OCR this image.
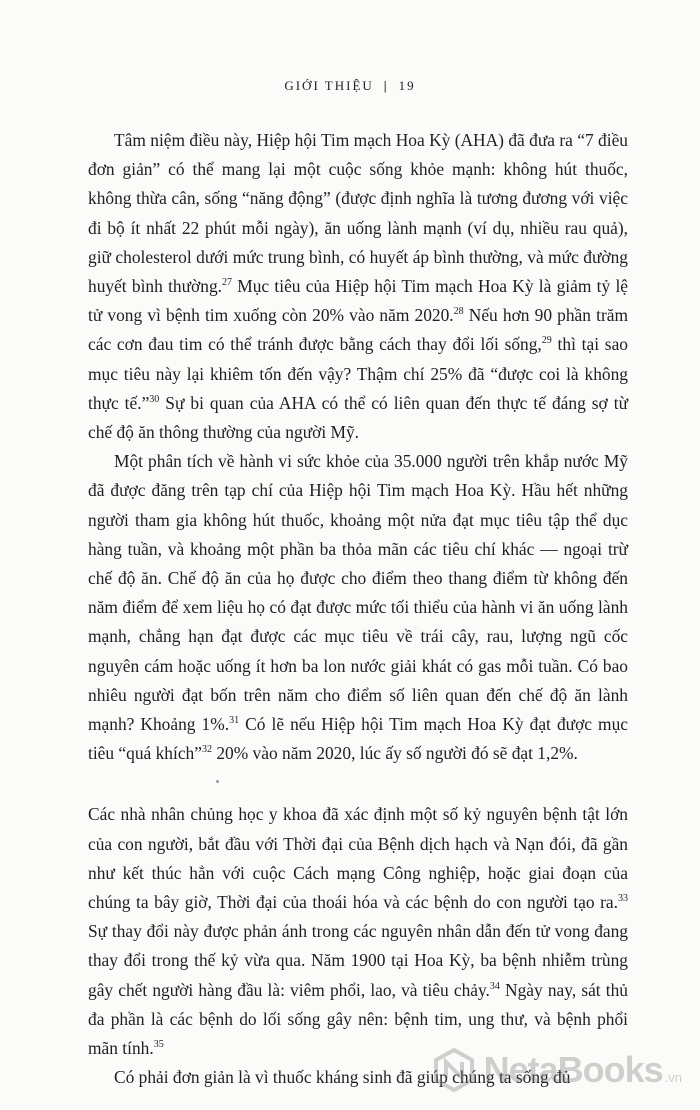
GIỚI THIỆU | 19

Tâm niệm điều này, Hiệp hội Tim mạch Hoa Kỳ (AHA) đã đưa ra “7 điều đơn giản” có thể mang lại một cuộc sống khỏe mạnh: không hút thuốc, không thừa cân, sống “năng động” (được định nghĩa là tương đương với việc đi bộ ít nhất 22 phút mỗi ngày), ăn uống lành mạnh (ví dụ, nhiều rau quả), giữ cholesterol dưới mức trung bình, có huyết áp bình thường, và mức đường huyết bình thường.$^{27}$ Mục tiêu của Hiệp hội Tim mạch Hoa Kỳ là giảm tỷ lệ tử vong vì bệnh tim xuống còn 20% vào năm 2020.28 Nếu hơn 90 phần trăm các cơn đau tim có thể tránh được bằng cách thay đổi lối sống,$^{29}$ thì tại sao mục tiêu này lại khiêm tốn đến vậy? Thậm chí 25% đã “được coi là không thực tế.”$^{30}$ Sự bi quan của AHA có thể có liên quan đến thực tế đáng sợ từ chế độ ăn thông thường của người Mỹ.

Một phân tích về hành vi sức khỏe của 35.000 người trên khắp nước Mỹ đã được đăng trên tạp chí của Hiệp hội Tim mạch Hoa Kỳ. Hầu hết những người tham gia không hút thuốc, khoảng một nửa đạt mục tiêu tập thể dục hàng tuần, và khoảng một phần ba thỏa mãn các tiêu chí khác — ngoại trừ chế độ ăn. Chế độ ăn của họ được cho điểm theo thang điểm từ không đến năm điểm để xem liệu họ có đạt được mức tối thiểu của hành vi ăn uống lành mạnh, chẳng hạn đạt được các mục tiêu về trái cây, rau, lượng ngũ cốc nguyên cám hoặc uống ít hơn ba lon nước giải khát có gas mỗi tuần. Có bao nhiêu người đạt bốn trên năm cho điểm số liên quan đến chế độ ăn lành mạnh? Khoảng 1%.$^{31}$ Có lẽ nếu Hiệp hội Tim mạch Hoa Kỳ đạt được mục tiêu “quá khích”$^{32}$ 20% vào năm 2020, lúc ấy số người đó sẽ đạt 1,2%.

Các nhà nhân chủng học y khoa đã xác định một số kỷ nguyên bệnh tật lớn của con người, bắt đầu với Thời đại của Bệnh dịch hạch và Nạn đói, đã gần như kết thúc hẳn với cuộc Cách mạng Công nghiệp, hoặc giai đoạn của chúng ta bây giờ, Thời đại của thoái hóa và các bệnh do con người tạo ra.$^{33}$ Sự thay đổi này được phản ánh trong các nguyên nhân dẫn đến tử vong đang thay đổi trong thế kỷ vừa qua. Năm 1900 tại Hoa Kỳ, ba bệnh nhiễm trùng gây chết người hàng đầu là: viêm phổi, lao, và tiêu chảy.$^{34}$ Ngày nay, sát thủ đa phần là các bệnh do lối sống gây nên: bệnh tim, ung thư, và bệnh phổi mãn tính.$^{35}$

Có phải đơn giản là vì thuốc kháng sinh đã giúp chúng ta sống đủ

NetaBooks .vn
